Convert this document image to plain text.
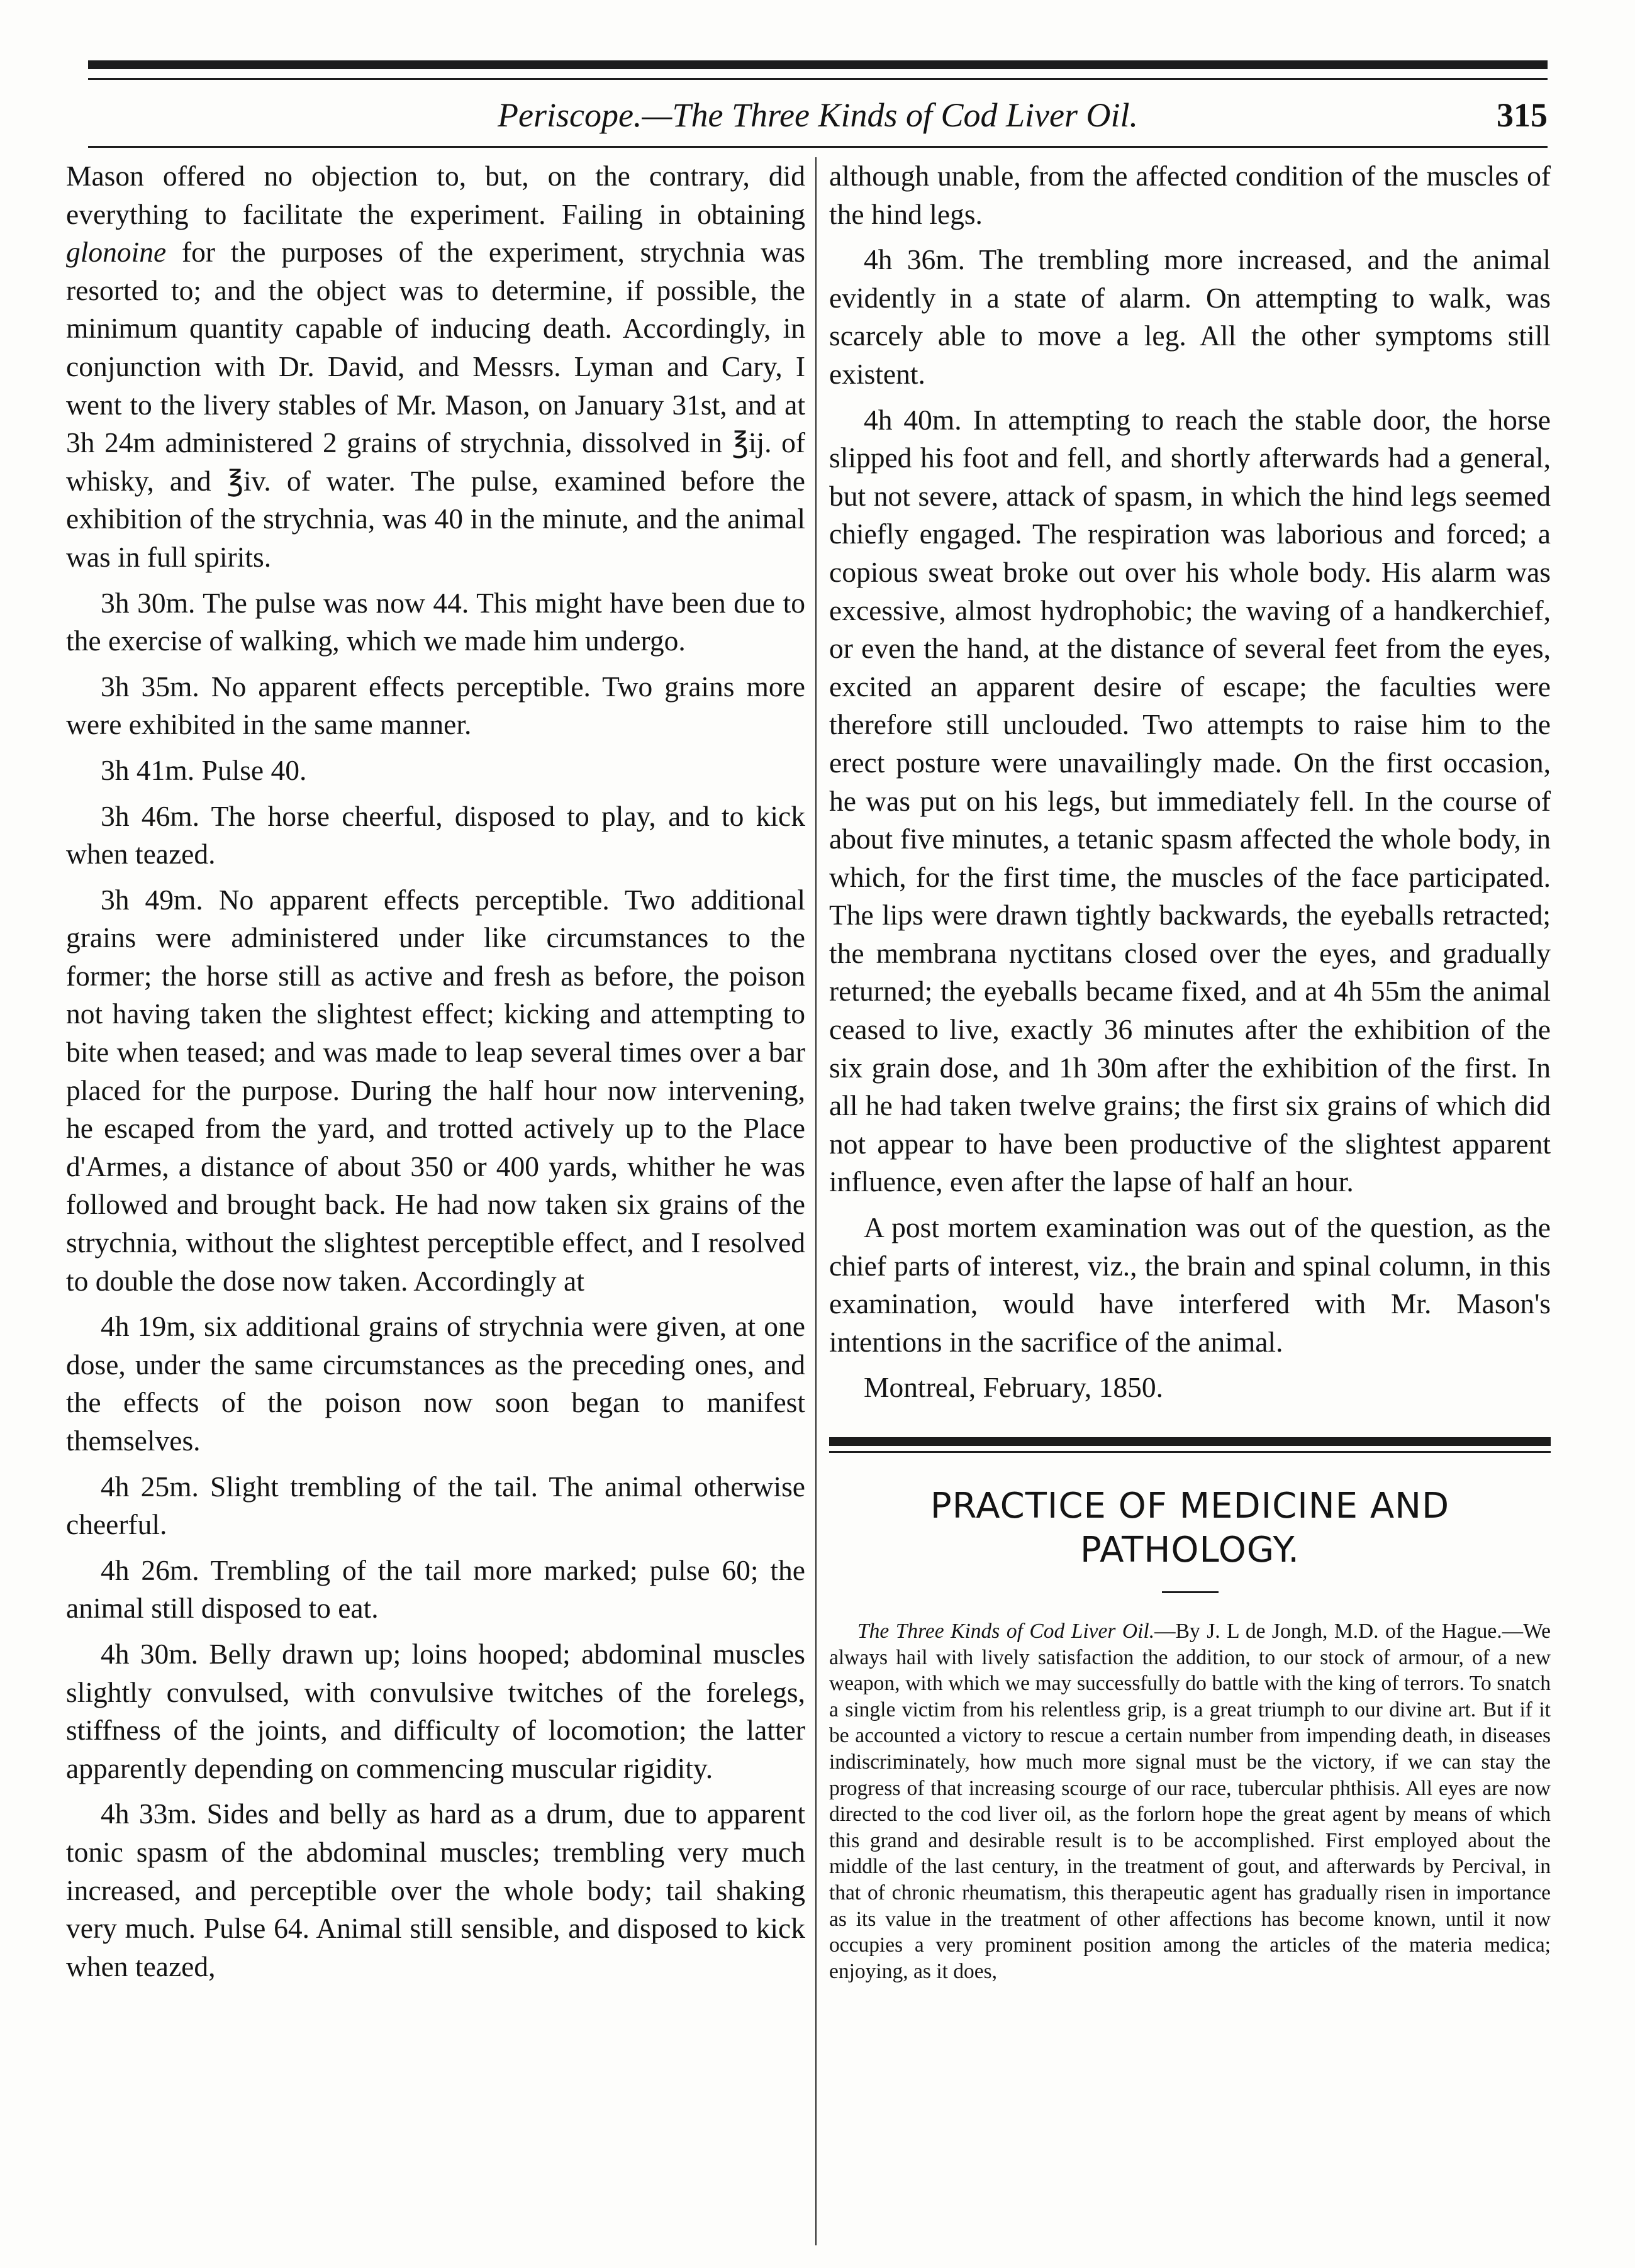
Periscope.—The Three Kinds of Cod Liver Oil.	315

Mason offered no objection to, but, on the contrary, did everything to facilitate the experiment. Failing in obtaining glonoine for the purposes of the experiment, strychnia was resorted to; and the object was to determine, if possible, the minimum quantity capable of inducing death. Accordingly, in conjunction with Dr. David, and Messrs. Lyman and Cary, I went to the livery stables of Mr. Mason, on January 31st, and at 3h 24m administered 2 grains of strychnia, dissolved in ℥ij. of whisky, and ℥iv. of water. The pulse, examined before the exhibition of the strychnia, was 40 in the minute, and the animal was in full spirits.

3h 30m. The pulse was now 44. This might have been due to the exercise of walking, which we made him undergo.

3h 35m. No apparent effects perceptible. Two grains more were exhibited in the same manner.

3h 41m. Pulse 40.

3h 46m. The horse cheerful, disposed to play, and to kick when teazed.

3h 49m. No apparent effects perceptible. Two additional grains were administered under like circumstances to the former; the horse still as active and fresh as before, the poison not having taken the slightest effect; kicking and attempting to bite when teased; and was made to leap several times over a bar placed for the purpose. During the half hour now intervening, he escaped from the yard, and trotted actively up to the Place d'Armes, a distance of about 350 or 400 yards, whither he was followed and brought back. He had now taken six grains of the strychnia, without the slightest perceptible effect, and I resolved to double the dose now taken. Accordingly at

4h 19m, six additional grains of strychnia were given, at one dose, under the same circumstances as the preceding ones, and the effects of the poison now soon began to manifest themselves.

4h 25m. Slight trembling of the tail. The animal otherwise cheerful.

4h 26m. Trembling of the tail more marked; pulse 60; the animal still disposed to eat.

4h 30m. Belly drawn up; loins hooped; abdominal muscles slightly convulsed, with convulsive twitches of the forelegs, stiffness of the joints, and difficulty of locomotion; the latter apparently depending on commencing muscular rigidity.

4h 33m. Sides and belly as hard as a drum, due to apparent tonic spasm of the abdominal muscles; trembling very much increased, and perceptible over the whole body; tail shaking very much. Pulse 64. Animal still sensible, and disposed to kick when teazed,

although unable, from the affected condition of the muscles of the hind legs.

4h 36m. The trembling more increased, and the animal evidently in a state of alarm. On attempting to walk, was scarcely able to move a leg. All the other symptoms still existent.

4h 40m. In attempting to reach the stable door, the horse slipped his foot and fell, and shortly afterwards had a general, but not severe, attack of spasm, in which the hind legs seemed chiefly engaged. The respiration was laborious and forced; a copious sweat broke out over his whole body. His alarm was excessive, almost hydrophobic; the waving of a handkerchief, or even the hand, at the distance of several feet from the eyes, excited an apparent desire of escape; the faculties were therefore still unclouded. Two attempts to raise him to the erect posture were unavailingly made. On the first occasion, he was put on his legs, but immediately fell. In the course of about five minutes, a tetanic spasm affected the whole body, in which, for the first time, the muscles of the face participated. The lips were drawn tightly backwards, the eyeballs retracted; the membrana nyctitans closed over the eyes, and gradually returned; the eyeballs became fixed, and at 4h 55m the animal ceased to live, exactly 36 minutes after the exhibition of the six grain dose, and 1h 30m after the exhibition of the first. In all he had taken twelve grains; the first six grains of which did not appear to have been productive of the slightest apparent influence, even after the lapse of half an hour.

A post mortem examination was out of the question, as the chief parts of interest, viz., the brain and spinal column, in this examination, would have interfered with Mr. Mason's intentions in the sacrifice of the animal.

Montreal, February, 1850.

PRACTICE OF MEDICINE AND PATHOLOGY.

The Three Kinds of Cod Liver Oil.—By J. L de Jongh, M.D. of the Hague.—We always hail with lively satisfaction the addition, to our stock of armour, of a new weapon, with which we may successfully do battle with the king of terrors. To snatch a single victim from his relentless grip, is a great triumph to our divine art. But if it be accounted a victory to rescue a certain number from impending death, in diseases indiscriminately, how much more signal must be the victory, if we can stay the progress of that increasing scourge of our race, tubercular phthisis. All eyes are now directed to the cod liver oil, as the forlorn hope the great agent by means of which this grand and desirable result is to be accomplished. First employed about the middle of the last century, in the treatment of gout, and afterwards by Percival, in that of chronic rheumatism, this therapeutic agent has gradually risen in importance as its value in the treatment of other affections has become known, until it now occupies a very prominent position among the articles of the materia medica; enjoying, as it does,
